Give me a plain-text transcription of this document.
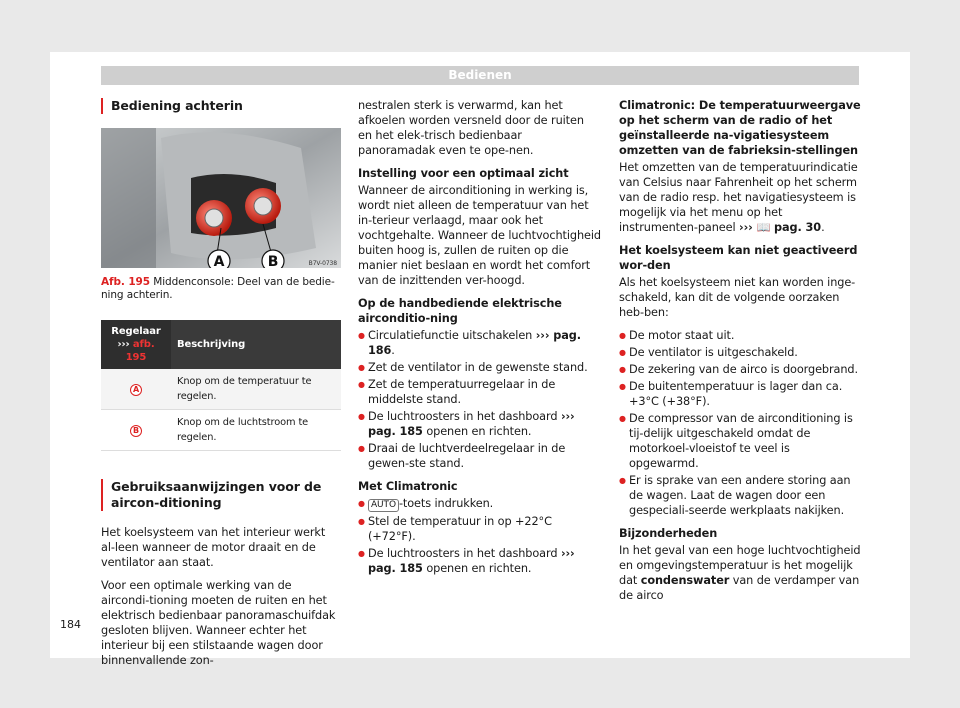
Bedienen
Bediening achterin
A	B	B7V-0738
Afb. 195 Middenconsole: Deel van de bedie-ning achterin.
Regelaar
››› afb. 195	Beschrijving
A	Knop om de temperatuur te regelen.
B	Knop om de luchtstroom te regelen.
Gebruiksaanwijzingen voor de aircon-ditioning

Het koelsysteem van het interieur werkt al-leen wanneer de motor draait en de ventilator aan staat.

Voor een optimale werking van de aircondi-tioning moeten de ruiten en het elektrisch bedienbaar panoramaschuifdak gesloten blijven. Wanneer echter het interieur bij een stilstaande wagen door binnenvallende zon-

nestralen sterk is verwarmd, kan het afkoelen worden versneld door de ruiten en het elek-trisch bedienbaar panoramadak even te ope-nen.

Instelling voor een optimaal zicht

Wanneer de airconditioning in werking is, wordt niet alleen de temperatuur van het in-terieur verlaagd, maar ook het vochtgehalte. Wanneer de luchtvochtigheid buiten hoog is, zullen de ruiten op die manier niet beslaan en wordt het comfort van de inzittenden ver-hoogd.

Op de handbediende elektrische airconditio-ning

● Circulatiefunctie uitschakelen ››› pag. 186.
● Zet de ventilator in de gewenste stand.
● Zet de temperatuurregelaar in de middelste stand.
● De luchtroosters in het dashboard ››› pag. 185 openen en richten.
● Draai de luchtverdeelregelaar in de gewen-ste stand.

Met Climatronic

● AUTO -toets indrukken.
● Stel de temperatuur in op +22°C (+72°F).
● De luchtroosters in het dashboard ››› pag. 185 openen en richten.

Climatronic: De temperatuurweergave op het scherm van de radio of het geïnstalleerde na-vigatiesysteem omzetten van de fabrieksin-stellingen

Het omzetten van de temperatuurindicatie van Celsius naar Fahrenheit op het scherm van de radio resp. het navigatiesysteem is mogelijk via het menu op het instrumenten-paneel ››› 📖 pag. 30.

Het koelsysteem kan niet geactiveerd wor-den

Als het koelsysteem niet kan worden inge-schakeld, kan dit de volgende oorzaken heb-ben:

● De motor staat uit.
● De ventilator is uitgeschakeld.
● De zekering van de airco is doorgebrand.
● De buitentemperatuur is lager dan ca. +3°C (+38°F).
● De compressor van de airconditioning is tij-delijk uitgeschakeld omdat de motorkoel-vloeistof te veel is opgewarmd.
● Er is sprake van een andere storing aan de wagen. Laat de wagen door een gespeciali-seerde werkplaats nakijken.

Bijzonderheden

In het geval van een hoge luchtvochtigheid en omgevingstemperatuur is het mogelijk dat condenswater van de verdamper van de airco

184
